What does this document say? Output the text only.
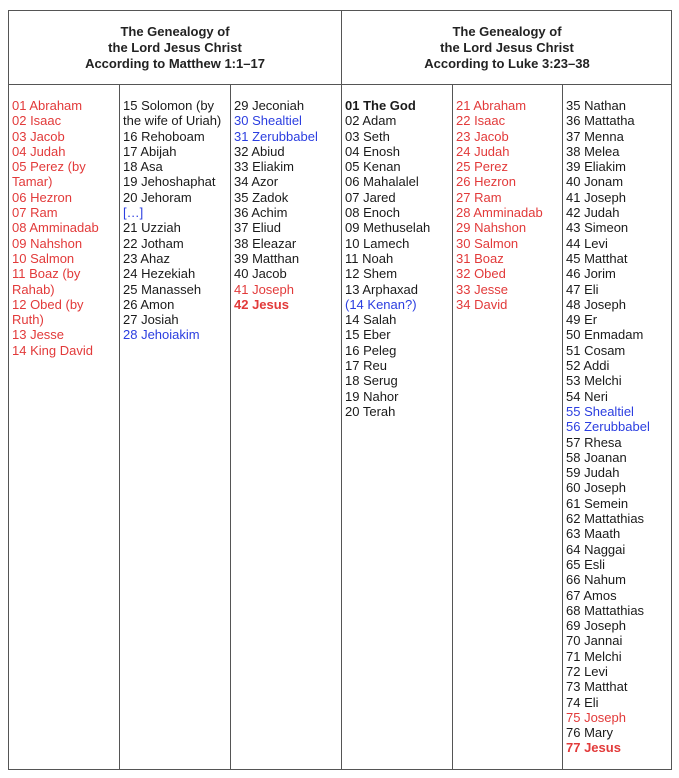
The Genealogy of
the Lord Jesus Christ
According to Matthew 1:1–17
The Genealogy of
the Lord Jesus Christ
According to Luke 3:23–38
01 Abraham
02 Isaac
03 Jacob
04 Judah
05 Perez (by
Tamar)
06 Hezron
07 Ram
08 Amminadab
09 Nahshon
10 Salmon
11 Boaz (by
Rahab)
12 Obed (by
Ruth)
13 Jesse
14 King David
15 Solomon (by
the wife of Uriah)
16 Rehoboam
17 Abijah
18 Asa
19 Jehoshaphat
20 Jehoram
[…]
21 Uzziah
22 Jotham
23 Ahaz
24 Hezekiah
25 Manasseh
26 Amon
27 Josiah
28 Jehoiakim
29 Jeconiah
30 Shealtiel
31 Zerubbabel
32 Abiud
33 Eliakim
34 Azor
35 Zadok
36 Achim
37 Eliud
38 Eleazar
39 Matthan
40 Jacob
41 Joseph
42 Jesus
01 The God
02 Adam
03 Seth
04 Enosh
05 Kenan
06 Mahalalel
07 Jared
08 Enoch
09 Methuselah
10 Lamech
11 Noah
12 Shem
13 Arphaxad
(14 Kenan?)
14 Salah
15 Eber
16 Peleg
17 Reu
18 Serug
19 Nahor
20 Terah
21 Abraham
22 Isaac
23 Jacob
24 Judah
25 Perez
26 Hezron
27 Ram
28 Amminadab
29 Nahshon
30 Salmon
31 Boaz
32 Obed
33 Jesse
34 David
35 Nathan
36 Mattatha
37 Menna
38 Melea
39 Eliakim
40 Jonam
41 Joseph
42 Judah
43 Simeon
44 Levi
45 Matthat
46 Jorim
47 Eli
48 Joseph
49 Er
50 Enmadam
51 Cosam
52 Addi
53 Melchi
54 Neri
55 Shealtiel
56 Zerubbabel
57 Rhesa
58 Joanan
59 Judah
60 Joseph
61 Semein
62 Mattathias
63 Maath
64 Naggai
65 Esli
66 Nahum
67 Amos
68 Mattathias
69 Joseph
70 Jannai
71 Melchi
72 Levi
73 Matthat
74 Eli
75 Joseph
76 Mary
77 Jesus
